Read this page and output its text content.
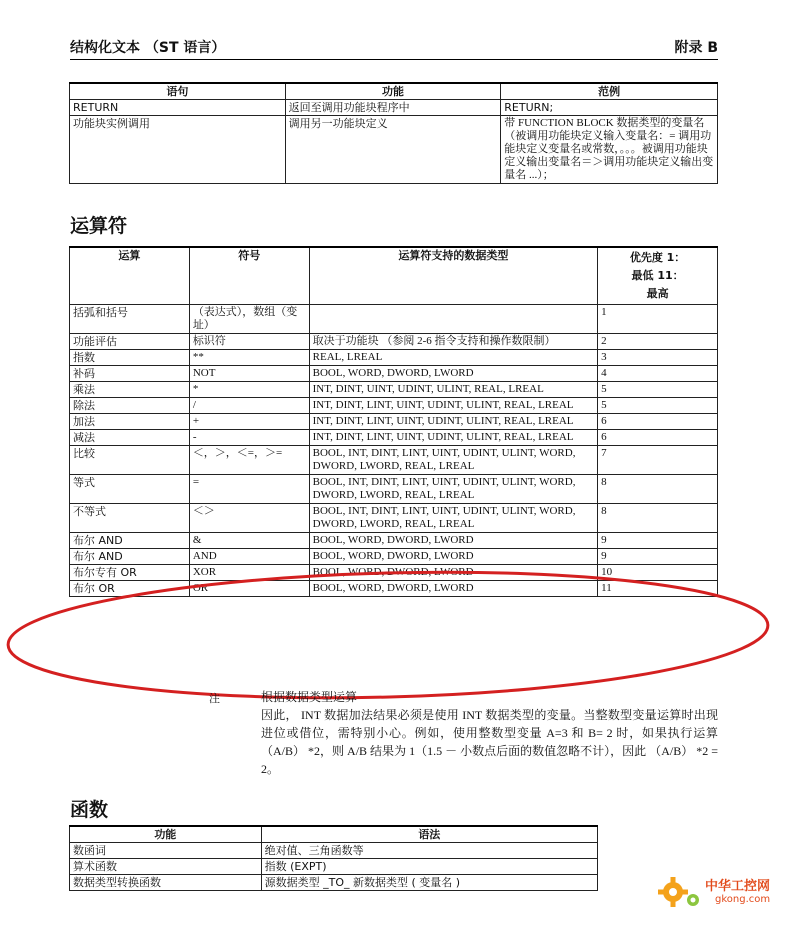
结构化文本 （ST 语言）	附录 B
语句	功能	范例
RETURN	返回至调用功能块程序中	RETURN;
功能块实例调用	调用另一功能块定义	带 FUNCTION BLOCK 数据类型的变量名（被调用功能块定义输入变量名：= 调用功能块定义变量名或常数，。。。被调用功能块定义输出变量名＝＞调用功能块定义输出变量名 ...）；
运算符
运算	符号	运算符支持的数据类型	优先度 1：
最低 11：
最高
括弧和括号	（表达式），数组（变址）		1
功能评估	标识符	取决于功能块 （参阅 2-6 指令支持和操作数限制）	2
指数	**	REAL, LREAL	3
补码	NOT	BOOL, WORD, DWORD, LWORD	4
乘法	*	INT, DINT, UINT, UDINT, ULINT, REAL, LREAL	5
除法	/	INT, DINT, LINT, UINT, UDINT, ULINT, REAL, LREAL	5
加法	+	INT, DINT, LINT, UINT, UDINT, ULINT, REAL, LREAL	6
减法	-	INT, DINT, LINT, UINT, UDINT, ULINT, REAL, LREAL	6
比较	＜，＞，＜=，＞=	BOOL, INT, DINT, LINT, UINT, UDINT, ULINT, WORD, DWORD, LWORD, REAL, LREAL	7
等式	=	BOOL, INT, DINT, LINT, UINT, UDINT, ULINT, WORD, DWORD, LWORD, REAL, LREAL	8
不等式	＜＞	BOOL, INT, DINT, LINT, UINT, UDINT, ULINT, WORD, DWORD, LWORD, REAL, LREAL	8
布尔 AND	&	BOOL, WORD, DWORD, LWORD	9
布尔 AND	AND	BOOL, WORD, DWORD, LWORD	9
布尔专有 OR	XOR	BOOL, WORD, DWORD, LWORD	10
布尔 OR	OR	BOOL, WORD, DWORD, LWORD	11
注	根据数据类型运算
因此， INT 数据加法结果必须是使用 INT 数据类型的变量。当整数型变量运算时出现进位或借位，需特别小心。例如，使用整数型变量 A=3 和 B= 2 时，如果执行运算（A/B） *2，则 A/B 结果为 1（1.5 － 小数点后面的数值忽略不计），因此 （A/B） *2 = 2。
函数
功能	语法
数函词	绝对值、三角函数等
算术函数	指数 (EXPT)
数据类型转换函数	源数据类型 _TO_ 新数据类型 ( 变量名 )	中华工控网
gkong.com
